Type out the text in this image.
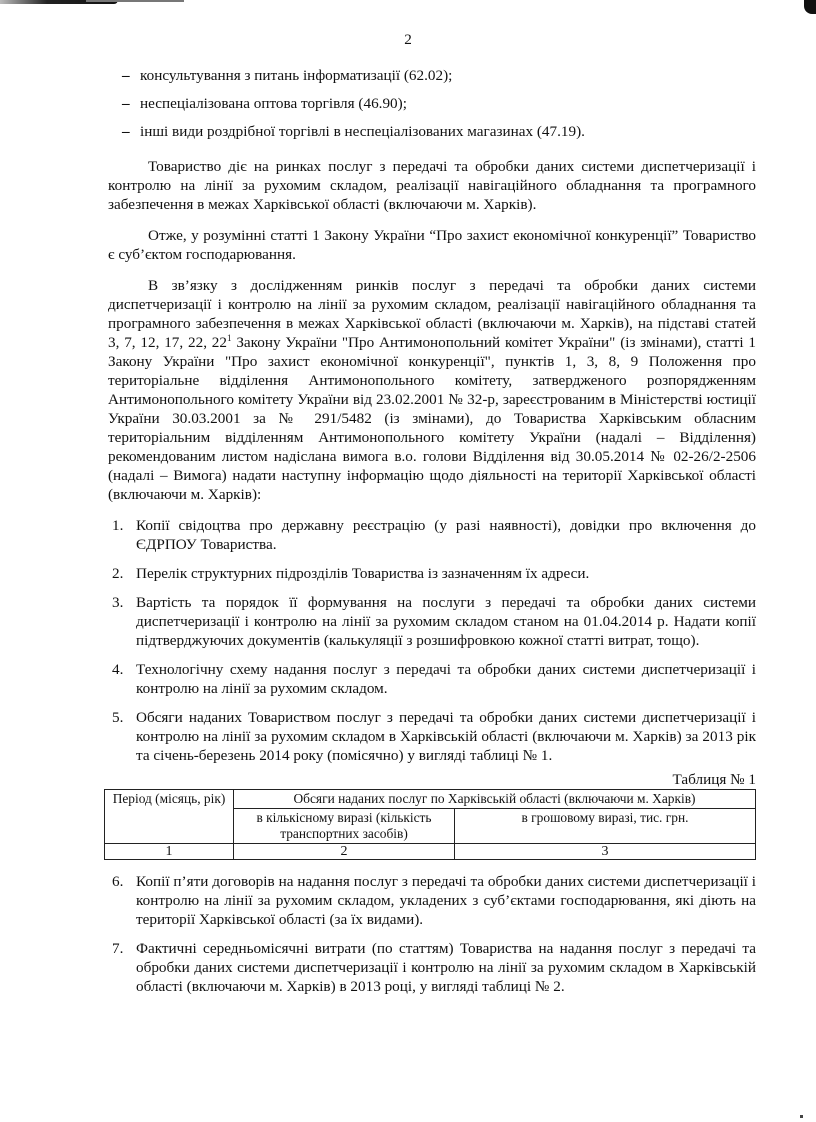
2
– консультування з питань інформатизації (62.02);
– неспеціалізована оптова торгівля (46.90);
– інші види роздрібної торгівлі в неспеціалізованих магазинах (47.19).

Товариство діє на ринках послуг з передачі та обробки даних системи диспетчеризації і контролю на лінії за рухомим складом, реалізації навігаційного обладнання та програмного забезпечення в межах Харківської області (включаючи м. Харків).

Отже, у розумінні статті 1 Закону України “Про захист економічної конкуренції” Товариство є суб’єктом господарювання.

В зв’язку з дослідженням ринків послуг з передачі та обробки даних системи диспетчеризації і контролю на лінії за рухомим складом, реалізації навігаційного обладнання та програмного забезпечення в межах Харківської області (включаючи м. Харків), на підставі статей 3, 7, 12, 17, 22, $22^1$ Закону України "Про Антимонопольний комітет України" (із змінами), статті 1 Закону України "Про захист економічної конкуренції", пунктів 1, 3, 8, 9 Положення про територіальне відділення Антимонопольного комітету, затвердженого розпорядженням Антимонопольного комітету України від 23.02.2001 № 32-р, зареєстрованим в Міністерстві юстиції України 30.03.2001 за № 291/5482 (із змінами), до Товариства Харківським обласним територіальним відділенням Антимонопольного комітету України (надалі – Відділення) рекомендованим листом надіслана вимога в.о. голови Відділення від 30.05.2014 № 02-26/2-2506 (надалі – Вимога) надати наступну інформацію щодо діяльності на території Харківської області (включаючи м. Харків):

1. Копії свідоцтва про державну реєстрацію (у разі наявності), довідки про включення до ЄДРПОУ Товариства.
2. Перелік структурних підрозділів Товариства із зазначенням їх адреси.
3. Вартість та порядок її формування на послуги з передачі та обробки даних системи диспетчеризації і контролю на лінії за рухомим складом станом на 01.04.2014 р. Надати копії підтверджуючих документів (калькуляції з розшифровкою кожної статті витрат, тощо).
4. Технологічну схему надання послуг з передачі та обробки даних системи диспетчеризації і контролю на лінії за рухомим складом.
5. Обсяги наданих Товариством послуг з передачі та обробки даних системи диспетчеризації і контролю на лінії за рухомим складом в Харківській області (включаючи м. Харків) за 2013 рік та січень-березень 2014 року (помісячно) у вигляді таблиці № 1.
Таблиця № 1
Період (місяць, рік)	Обсяги наданих послуг по Харківській області (включаючи м. Харків)	
	в кількісному виразі (кількість транспортних засобів)	в грошовому виразі, тис. грн.
1	2	3
6. Копії п’яти договорів на надання послуг з передачі та обробки даних системи диспетчеризації і контролю на лінії за рухомим складом, укладених з суб’єктами господарювання, які діють на території Харківської області (за їх видами).
7. Фактичні середньомісячні витрати (по статтям) Товариства на надання послуг з передачі та обробки даних системи диспетчеризації і контролю на лінії за рухомим складом в Харківській області (включаючи м. Харків) в 2013 році, у вигляді таблиці № 2.
